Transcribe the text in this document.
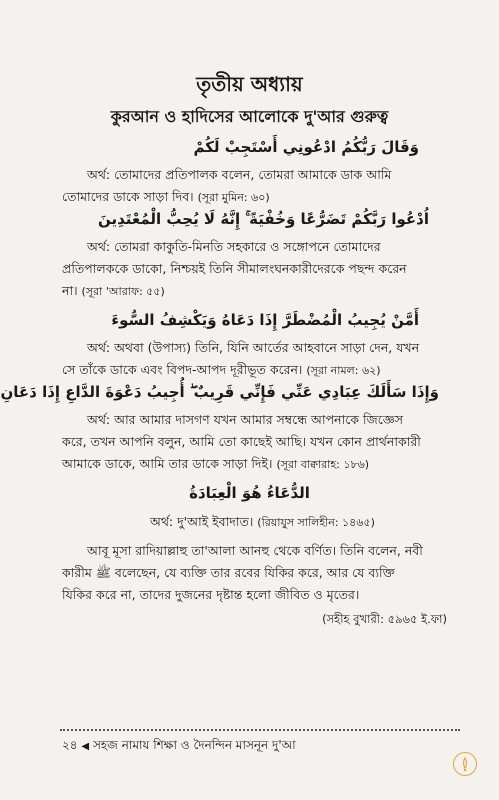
তৃতীয় অধ্যায়
কুরআন ও হাদিসের আলোকে দু'আর গুরুত্ব
وَقَالَ رَبُّكُمُ ادْعُونِي أَسْتَجِبْ لَكُمْ
অর্থ: তোমাদের প্রতিপালক বলেন, তোমরা আমাকে ডাক আমি
তোমাদের ডাকে সাড়া দিব। (সূরা মুমিন: ৬০)
اُدْعُوا رَبَّكُمْ تَضَرُّعًا وَخُفْيَةً ۚ إِنَّهُ لَا يُحِبُّ الْمُعْتَدِينَ
অর্থ: তোমরা কাকুতি-মিনতি সহকারে ও সঙ্গোপনে তোমাদের
প্রতিপালককে ডাকো, নিশ্চয়ই তিনি সীমালংঘনকারীদেরকে পছন্দ করেন
না। (সূরা 'আরাফ: ৫৫)
أَمَّنْ يُجِيبُ الْمُضْطَرَّ إِذَا دَعَاهُ وَيَكْشِفُ السُّوءَ
অর্থ: অথবা (উপাস্য) তিনি, যিনি আর্তের আহবানে সাড়া দেন, যখন
সে তাঁকে ডাকে এবং বিপদ-আপদ দূরীভূত করেন। (সূরা নামল: ৬২)
وَإِذَا سَأَلَكَ عِبَادِي عَنِّي فَإِنِّي قَرِيبٌ ۖ أُجِيبُ دَعْوَةَ الدَّاعِ إِذَا دَعَانِ
অর্থ: আর আমার দাসগণ যখন আমার সম্বন্ধে আপনাকে জিজ্ঞেস
করে, তখন আপনি বলুন, আমি তো কাছেই আছি। যখন কোন প্রার্থনাকারী
আমাকে ডাকে, আমি তার ডাকে সাড়া দিই। (সূরা বাক্বারাহ: ১৮৬)
الدُّعَاءُ هُوَ الْعِبَادَةُ
অর্থ: দু'আই ইবাদাত। (রিয়াযুস সালিহীন: ১৪৬৫)
আবূ মূসা রাদিয়াল্লাহু তা'আলা আনহু থেকে বর্ণিত। তিনি বলেন, নবী
কারীম ﷺ বলেছেন, যে ব্যক্তি তার রবের যিকির করে, আর যে ব্যক্তি
যিকির করে না, তাদের দুজনের দৃষ্টান্ত হলো জীবিত ও মৃতের।
(সহীহ বুখারী: ৫৯৬৫ ই.ফা)
২৪ ◀ সহজ নামায শিক্ষা ও দৈনন্দিন মাসনূন দু'আ
